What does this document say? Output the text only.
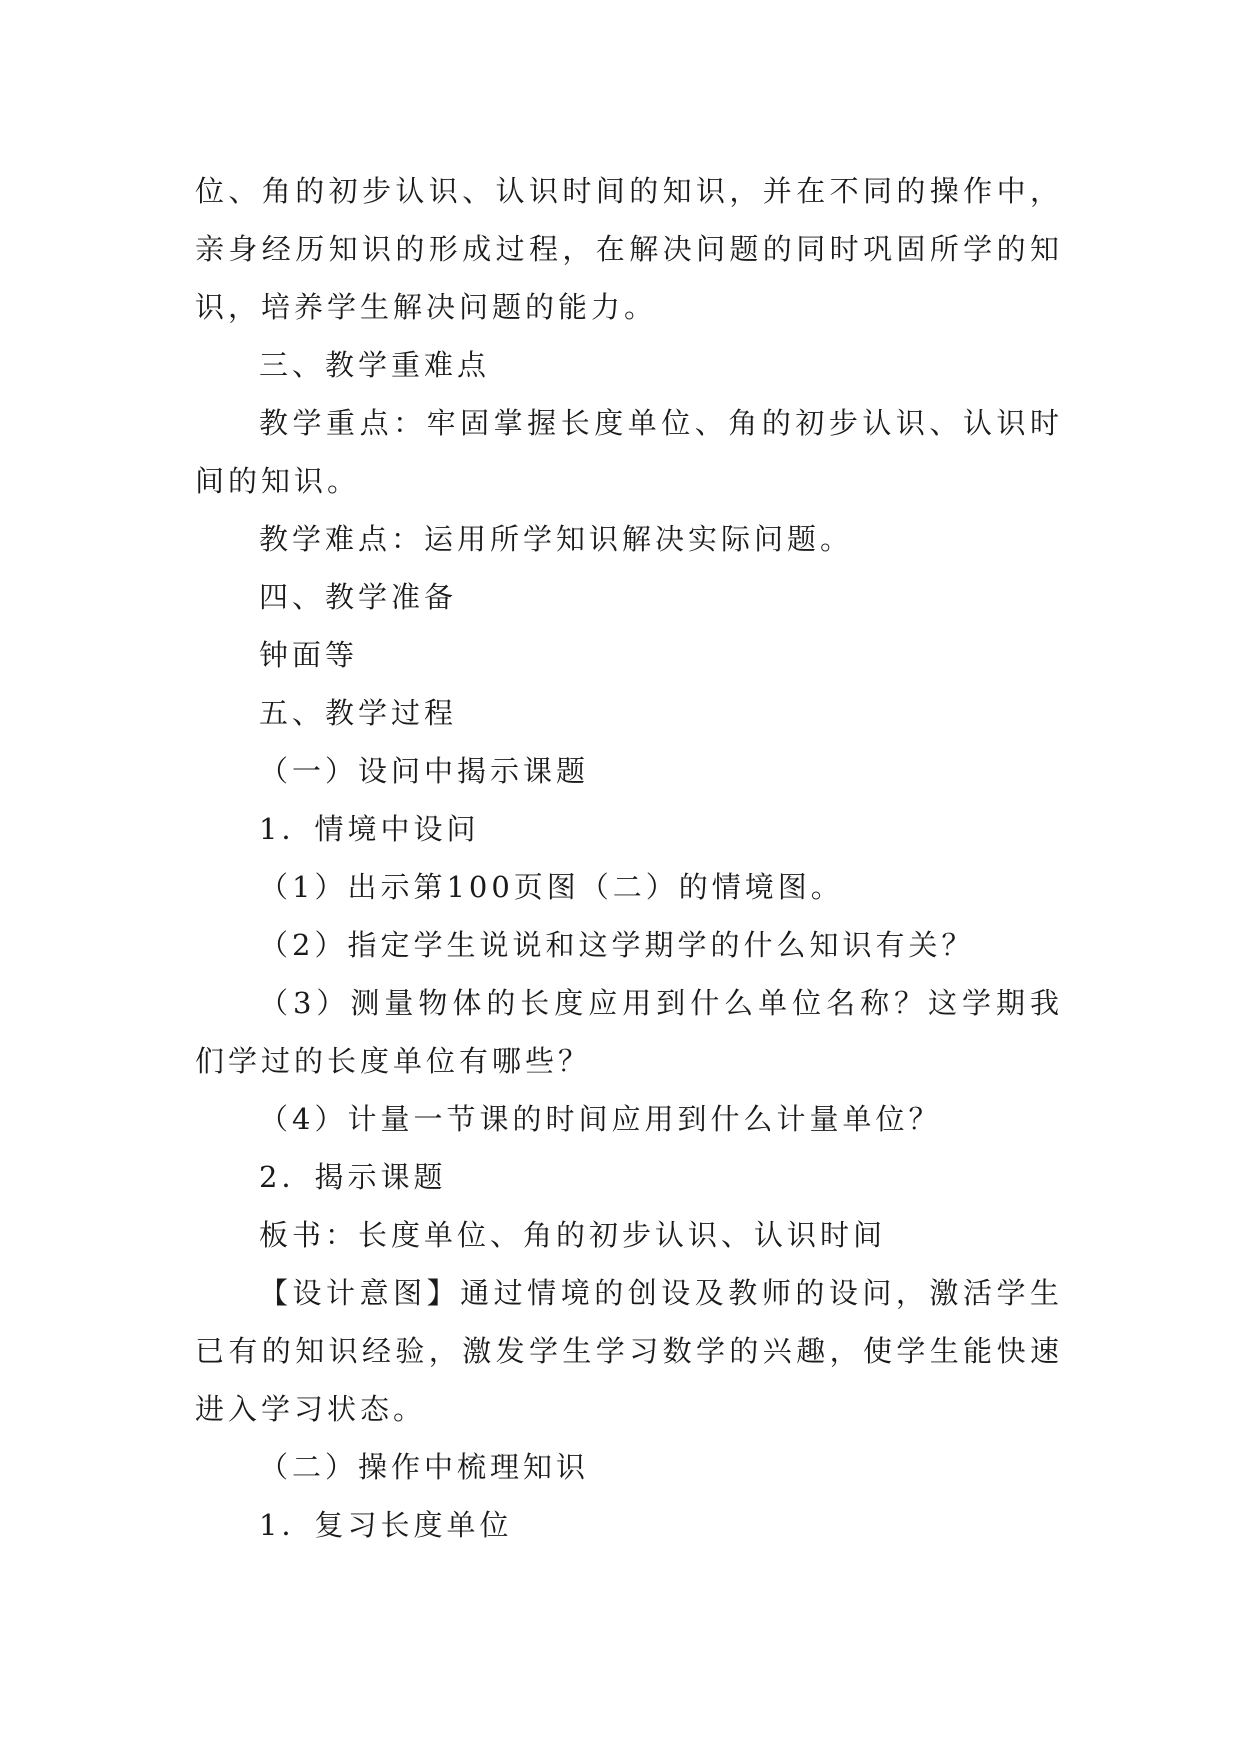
位、角的初步认识、认识时间的知识，并在不同的操作中，亲身经历知识的形成过程，在解决问题的同时巩固所学的知识，培养学生解决问题的能力。

三、教学重难点

教学重点：牢固掌握长度单位、角的初步认识、认识时间的知识。

教学难点：运用所学知识解决实际问题。

四、教学准备

钟面等

五、教学过程

（一）设问中揭示课题

1．情境中设问

（1）出示第100页图（二）的情境图。

（2）指定学生说说和这学期学的什么知识有关？

（3）测量物体的长度应用到什么单位名称？这学期我们学过的长度单位有哪些？

（4）计量一节课的时间应用到什么计量单位？

2．揭示课题

板书：长度单位、角的初步认识、认识时间

【设计意图】通过情境的创设及教师的设问，激活学生已有的知识经验，激发学生学习数学的兴趣，使学生能快速进入学习状态。

（二）操作中梳理知识

1．复习长度单位
